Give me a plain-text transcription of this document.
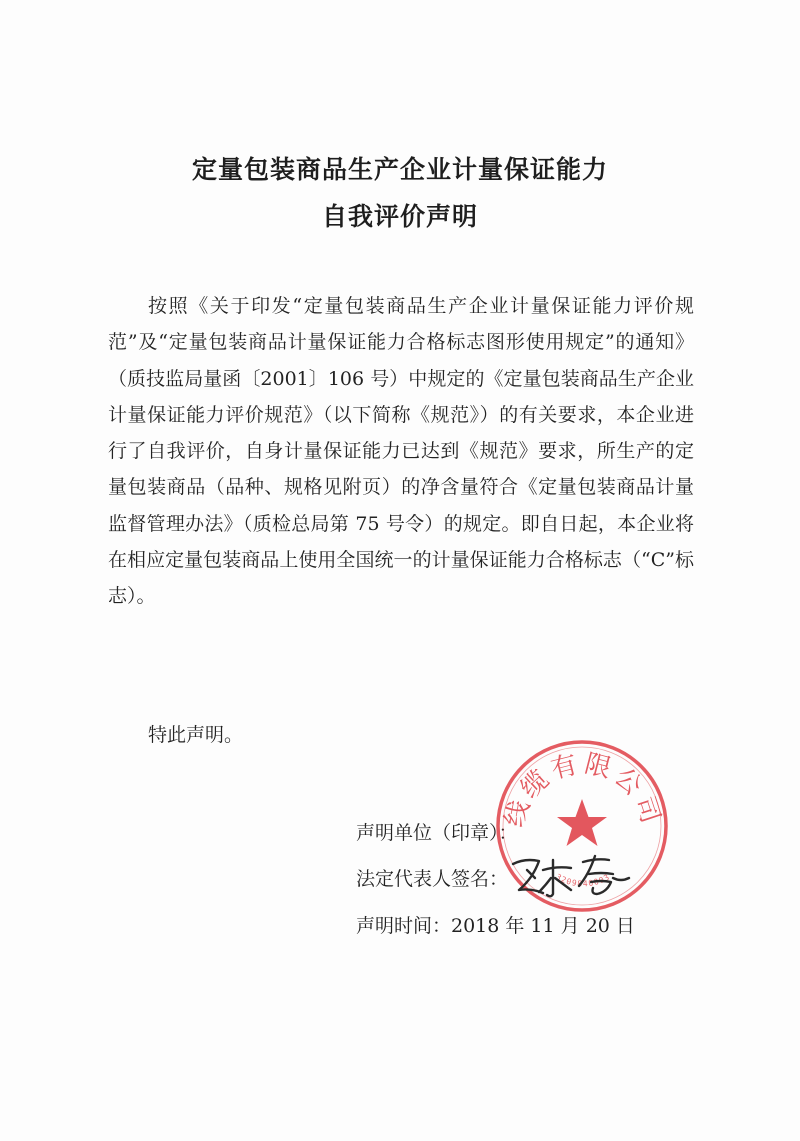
定量包装商品生产企业计量保证能力
自我评价声明

按照《关于印发“定量包装商品生产企业计量保证能力评价规范”及“定量包装商品计量保证能力合格标志图形使用规定”的通知》（质技监局量函〔2001〕106 号）中规定的《定量包装商品生产企业计量保证能力评价规范》（以下简称《规范》）的有关要求，本企业进行了自我评价，自身计量保证能力已达到《规范》要求，所生产的定量包装商品（品种、规格见附页）的净含量符合《定量包装商品计量监督管理办法》（质检总局第 75 号令）的规定。即自日起，本企业将在相应定量包装商品上使用全国统一的计量保证能力合格标志（“C”标志）。

特此声明。
声明单位（印章）：
法定代表人签名：
声明时间：2018 年 11 月 20 日
线缆有限公司
3209840003
